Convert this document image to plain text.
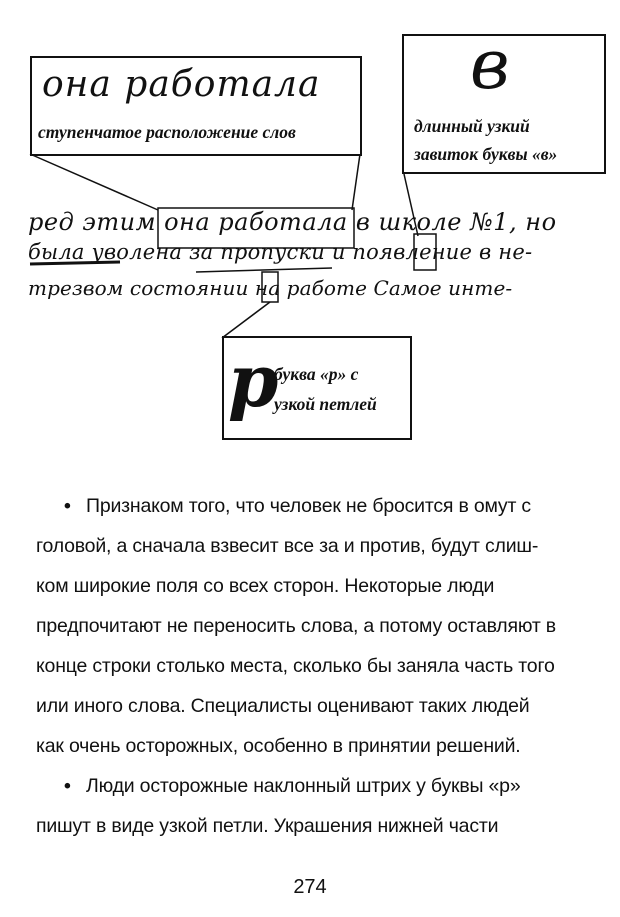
она работала
ступенчатое расположение слов
в
длинный узкий
завиток буквы «в»
р
буква «р» с
узкой петлей
ред этим она работала в школе №1, но
была уволена за пропуски и появление в не-
трезвом состоянии на работе Самое инте-

• Признаком того, что человек не бросится в омут с

головой, а сначала взвесит все за и против, будут слиш-

ком широкие поля со всех сторон. Некоторые люди

предпочитают не переносить слова, а потому оставляют в

конце строки столько места, сколько бы заняла часть того

или иного слова. Специалисты оценивают таких людей

как очень осторожных, особенно в принятии решений.

• Люди осторожные наклонный штрих у буквы «р»

пишут в виде узкой петли. Украшения нижней части

274
